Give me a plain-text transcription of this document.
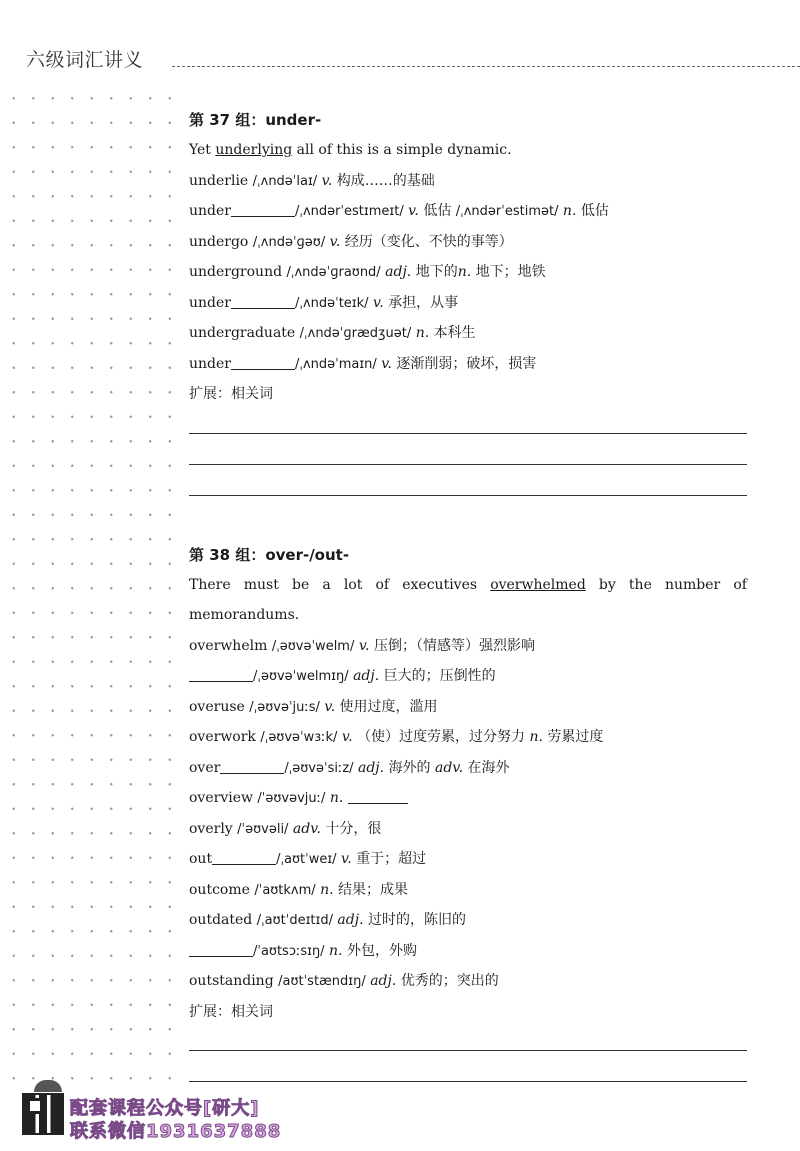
六级词汇讲义
第 37 组：under-
Yet underlying all of this is a simple dynamic.
underlie /ˌʌndəˈlaɪ/ v. 构成……的基础
under	/ˌʌndərˈestɪmeɪt/ v. 低估 /ˌʌndərˈestimət/ n. 低估
undergo /ˌʌndəˈɡəʊ/ v. 经历（变化、不快的事等）
underground /ˌʌndəˈɡraʊnd/ adj. 地下的n. 地下；地铁
under	/ˌʌndəˈteɪk/ v. 承担，从事
undergraduate /ˌʌndəˈɡrædʒuət/ n. 本科生
under	/ˌʌndəˈmaɪn/ v. 逐渐削弱；破坏，损害
扩展：相关词
第 38 组：over-/out-
There must be a lot of executives overwhelmed by the number of memorandums.
overwhelm /ˌəʊvəˈwelm/ v. 压倒；（情感等）强烈影响
/ˌəʊvəˈwelmɪŋ/ adj. 巨大的；压倒性的
overuse /ˌəʊvəˈjuːs/ v. 使用过度，滥用
overwork /ˌəʊvəˈwɜːk/ v. （使）过度劳累，过分努力 n. 劳累过度
over	/ˌəʊvəˈsiːz/ adj. 海外的 adv. 在海外
overview /ˈəʊvəvjuː/ n.
overly /ˈəʊvəli/ adv. 十分，很
out	/ˌaʊtˈweɪ/ v. 重于；超过
outcome /ˈaʊtkʌm/ n. 结果；成果
outdated /ˌaʊtˈdeɪtɪd/ adj. 过时的，陈旧的
/ˈaʊtsɔːsɪŋ/ n. 外包，外购
outstanding /aʊtˈstændɪŋ/ adj. 优秀的；突出的
扩展：相关词
配套课程公众号[研大]
联系微信1931637888
